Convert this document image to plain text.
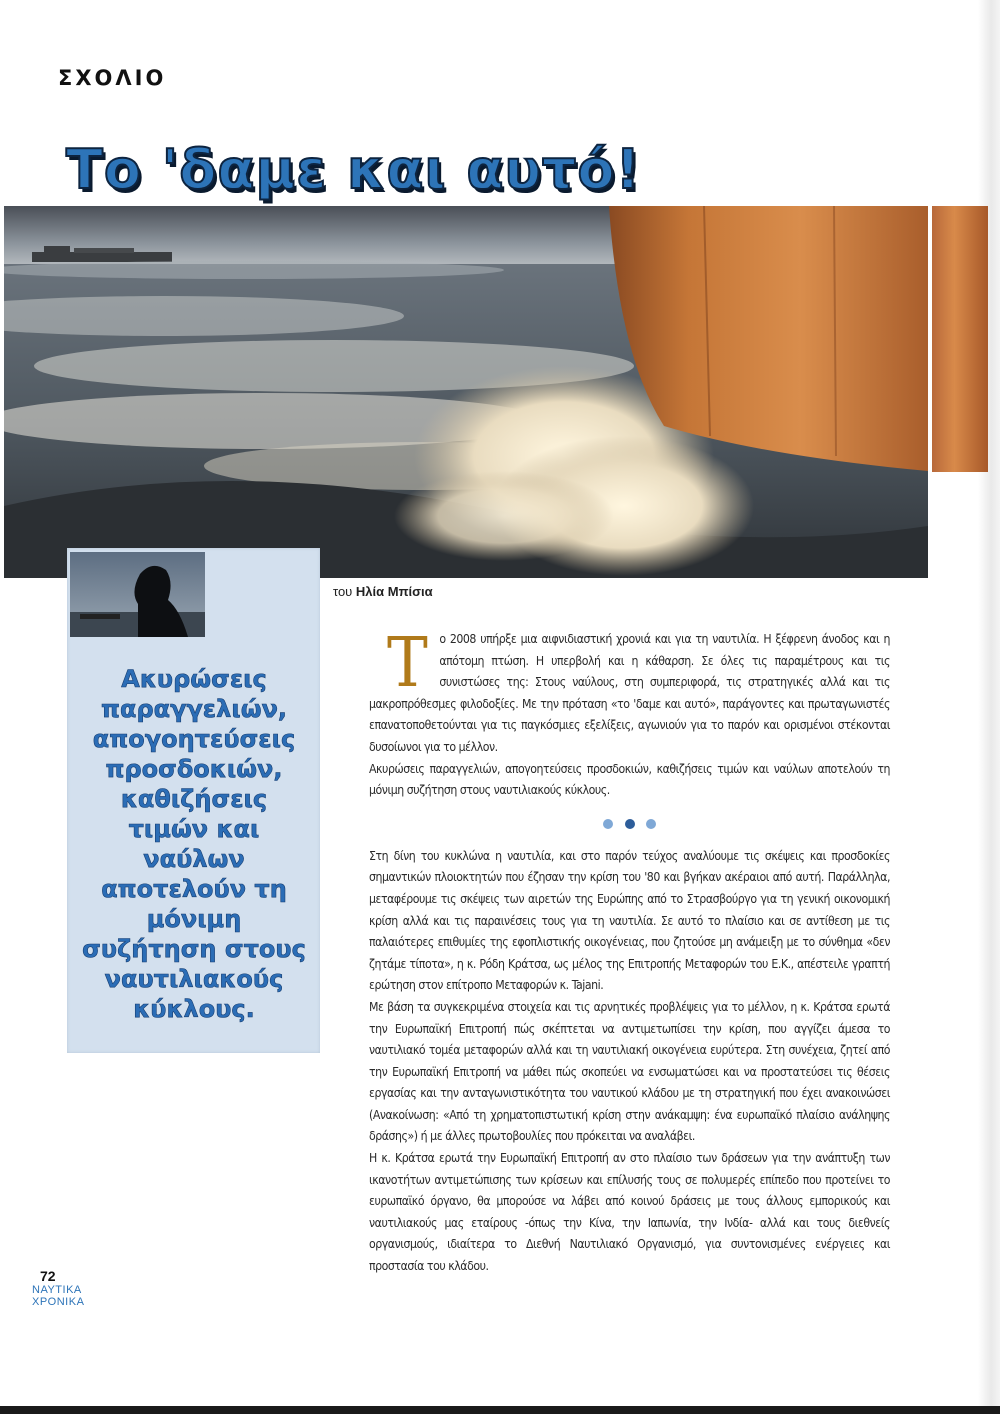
ΣΧΟΛΙΟ
Το 'δαμε και αυτό!
Ακυρώσεις παραγγελιών, απογοητεύσεις προσδοκιών, καθιζήσεις τιμών και ναύλων αποτελούν τη μόνιμη συζήτηση στους ναυτιλιακούς κύκλους.
του Ηλία Μπίσια

Το 2008 υπήρξε μια αιφνιδιαστική χρονιά και για τη ναυτιλία. Η ξέφρενη άνοδος και η απότομη πτώση. Η υπερβολή και η κάθαρση. Σε όλες τις παραμέτρους και τις συνιστώσες της: Στους ναύλους, στη συμπεριφορά, τις στρατηγικές αλλά και τις μακροπρόθεσμες φιλοδοξίες. Με την πρόταση «το 'δαμε και αυτό», παράγοντες και πρωταγωνιστές επανατοποθετούνται για τις παγκόσμιες εξελίξεις, αγωνιούν για το παρόν και ορισμένοι στέκονται δυσοίωνοι για το μέλλον.

Ακυρώσεις παραγγελιών, απογοητεύσεις προσδοκιών, καθιζήσεις τιμών και ναύλων αποτελούν τη μόνιμη συζήτηση στους ναυτιλιακούς κύκλους.

Στη δίνη του κυκλώνα η ναυτιλία, και στο παρόν τεύχος αναλύουμε τις σκέψεις και προσδοκίες σημαντικών πλοιοκτητών που έζησαν την κρίση του '80 και βγήκαν ακέραιοι από αυτή. Παράλληλα, μεταφέρουμε τις σκέψεις των αιρετών της Ευρώπης από το Στρασβούργο για τη γενική οικονομική κρίση αλλά και τις παραινέσεις τους για τη ναυτιλία. Σε αυτό το πλαίσιο και σε αντίθεση με τις παλαιότερες επιθυμίες της εφοπλιστικής οικογένειας, που ζητούσε μη ανάμειξη με το σύνθημα «δεν ζητάμε τίποτα», η κ. Ρόδη Κράτσα, ως μέλος της Επιτροπής Μεταφορών του Ε.Κ., απέστειλε γραπτή ερώτηση στον επίτροπο Μεταφορών κ. Tajani.

Με βάση τα συγκεκριμένα στοιχεία και τις αρνητικές προβλέψεις για το μέλλον, η κ. Κράτσα ερωτά την Ευρωπαϊκή Επιτροπή πώς σκέπτεται να αντιμετωπίσει την κρίση, που αγγίζει άμεσα το ναυτιλιακό τομέα μεταφορών αλλά και τη ναυτιλιακή οικογένεια ευρύτερα. Στη συνέχεια, ζητεί από την Ευρωπαϊκή Επιτροπή να μάθει πώς σκοπεύει να ενσωματώσει και να προστατεύσει τις θέσεις εργασίας και την ανταγωνιστικότητα του ναυτικού κλάδου με τη στρατηγική που έχει ανακοινώσει (Ανακοίνωση: «Από τη χρηματοπιστωτική κρίση στην ανάκαμψη: ένα ευρωπαϊκό πλαίσιο ανάληψης δράσης») ή με άλλες πρωτοβουλίες που πρόκειται να αναλάβει.

Η κ. Κράτσα ερωτά την Ευρωπαϊκή Επιτροπή αν στο πλαίσιο των δράσεων για την ανάπτυξη των ικανοτήτων αντιμετώπισης των κρίσεων και επίλυσής τους σε πολυμερές επίπεδο που προτείνει το ευρωπαϊκό όργανο, θα μπορούσε να λάβει από κοινού δράσεις με τους άλλους εμπορικούς και ναυτιλιακούς μας εταίρους -όπως την Κίνα, την Ιαπωνία, την Ινδία- αλλά και τους διεθνείς οργανισμούς, ιδιαίτερα το Διεθνή Ναυτιλιακό Οργανισμό, για συντονισμένες ενέργειες και προστασία του κλάδου.

72
ΝΑΥΤΙΚΑ
ΧΡΟΝΙΚΑ
